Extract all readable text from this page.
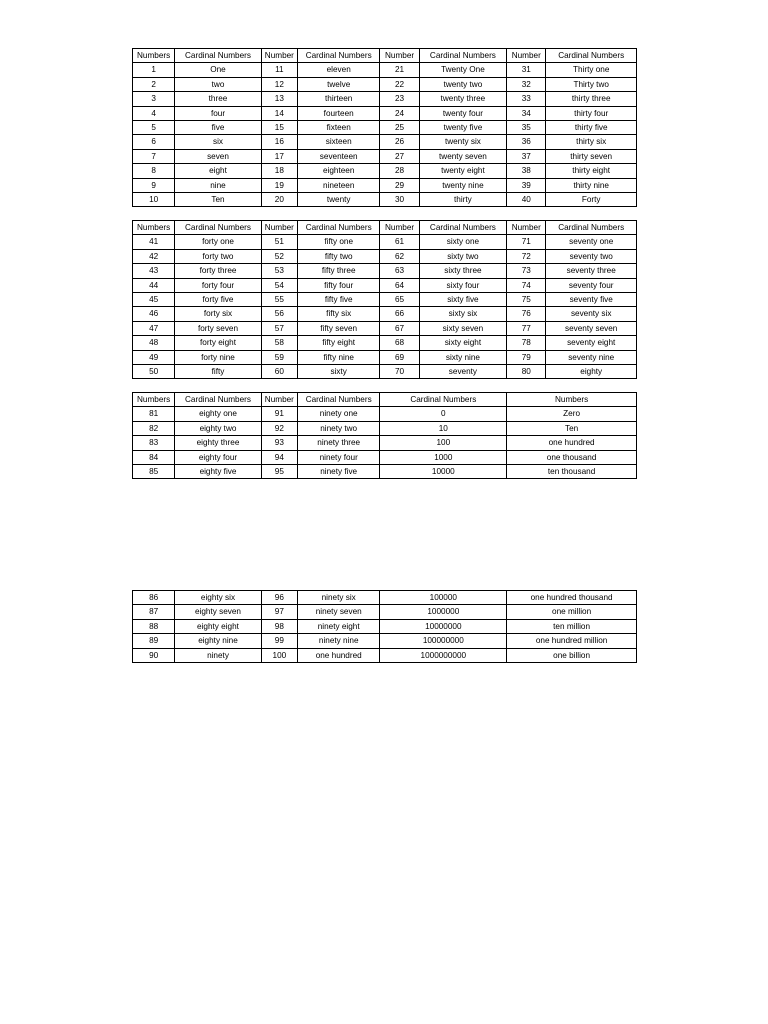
Numbers	Cardinal Numbers	Number	Cardinal Numbers	Number	Cardinal Numbers	Number	Cardinal Numbers
1	One	11	eleven	21	Twenty One	31	Thirty one
2	two	12	twelve	22	twenty two	32	Thirty two
3	three	13	thirteen	23	twenty three	33	thirty three
4	four	14	fourteen	24	twenty four	34	thirty four
5	five	15	fixteen	25	twenty five	35	thirty five
6	six	16	sixteen	26	twenty six	36	thirty six
7	seven	17	seventeen	27	twenty seven	37	thirty seven
8	eight	18	eighteen	28	twenty eight	38	thirty eight
9	nine	19	nineteen	29	twenty nine	39	thirty nine
10	Ten	20	twenty	30	thirty	40	Forty
Numbers	Cardinal Numbers	Number	Cardinal Numbers	Number	Cardinal Numbers	Number	Cardinal Numbers
41	forty one	51	fifty one	61	sixty one	71	seventy one
42	forty two	52	fifty two	62	sixty two	72	seventy two
43	forty three	53	fifty three	63	sixty three	73	seventy three
44	forty four	54	fifty four	64	sixty four	74	seventy four
45	forty five	55	fifty five	65	sixty five	75	seventy five
46	forty six	56	fifty six	66	sixty six	76	seventy six
47	forty seven	57	fifty seven	67	sixty seven	77	seventy seven
48	forty eight	58	fifty eight	68	sixty eight	78	seventy eight
49	forty nine	59	fifty nine	69	sixty nine	79	seventy nine
50	fifty	60	sixty	70	seventy	80	eighty
Numbers	Cardinal Numbers	Number	Cardinal Numbers	Cardinal Numbers	Numbers
81	eighty one	91	ninety one	0	Zero
82	eighty two	92	ninety two	10	Ten
83	eighty three	93	ninety three	100	one hundred
84	eighty four	94	ninety four	1000	one thousand
85	eighty five	95	ninety five	10000	ten thousand
86	eighty six	96	ninety six	100000	one hundred thousand
87	eighty seven	97	ninety seven	1000000	one million
88	eighty eight	98	ninety eight	10000000	ten million
89	eighty nine	99	ninety nine	100000000	one hundred million
90	ninety	100	one hundred	1000000000	one billion
